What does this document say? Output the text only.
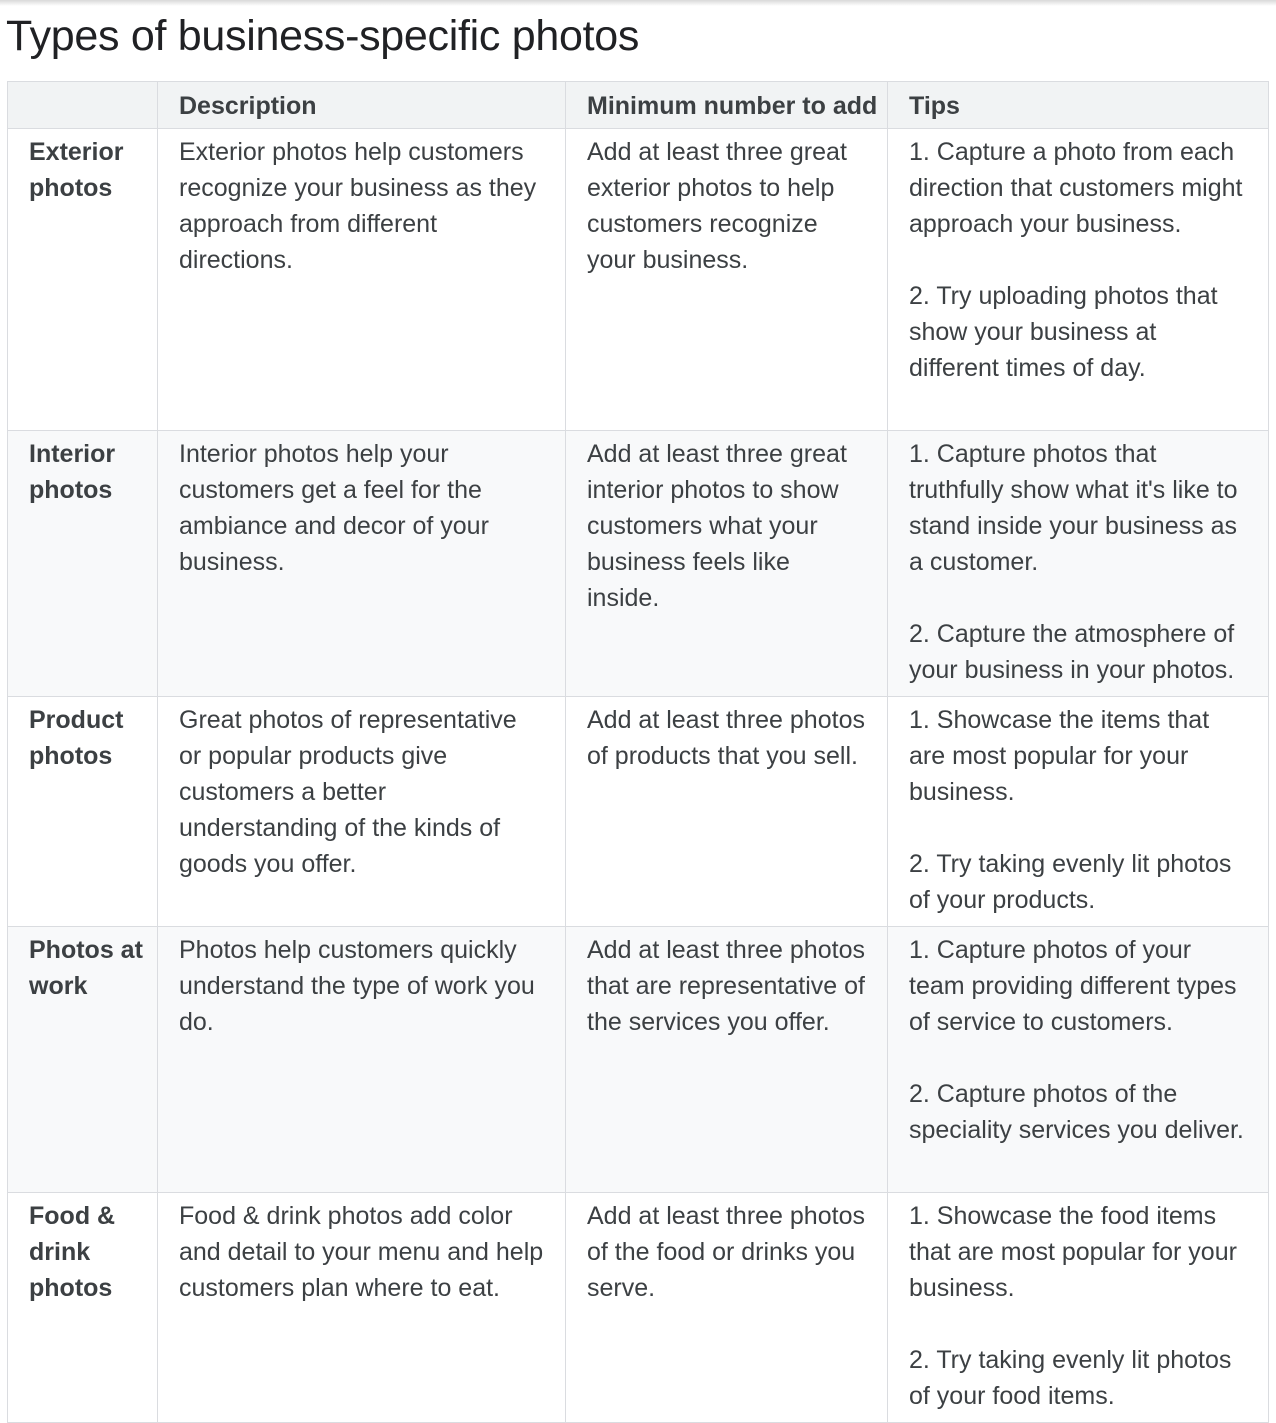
Types of business-specific photos
	Description	Minimum number to add	Tips
Exterior photos	Exterior photos help customers recognize your business as they approach from different directions.	Add at least three great exterior photos to help customers recognize your business.	1. Capture a photo from each direction that customers might approach your business.
2. Try uploading photos that show your business at different times of day.

Interior photos	Interior photos help your customers get a feel for the ambiance and decor of your business.	Add at least three great interior photos to show customers what your business feels like inside.	1. Capture photos that truthfully show what it's like to stand inside your business as a customer.
2. Capture the atmosphere of your business in your photos.

Product photos	Great photos of representative or popular products give customers a better understanding of the kinds of goods you offer.	Add at least three photos of products that you sell.	1. Showcase the items that are most popular for your business.
2. Try taking evenly lit photos of your products.

Photos at work	Photos help customers quickly understand the type of work you do.	Add at least three photos that are representative of the services you offer.	1. Capture photos of your team providing different types of service to customers.
2. Capture photos of the speciality services you deliver.

Food & drink photos	Food & drink photos add color and detail to your menu and help customers plan where to eat.	Add at least three photos of the food or drinks you serve.	1. Showcase the food items that are most popular for your business.
2. Try taking evenly lit photos of your food items.
